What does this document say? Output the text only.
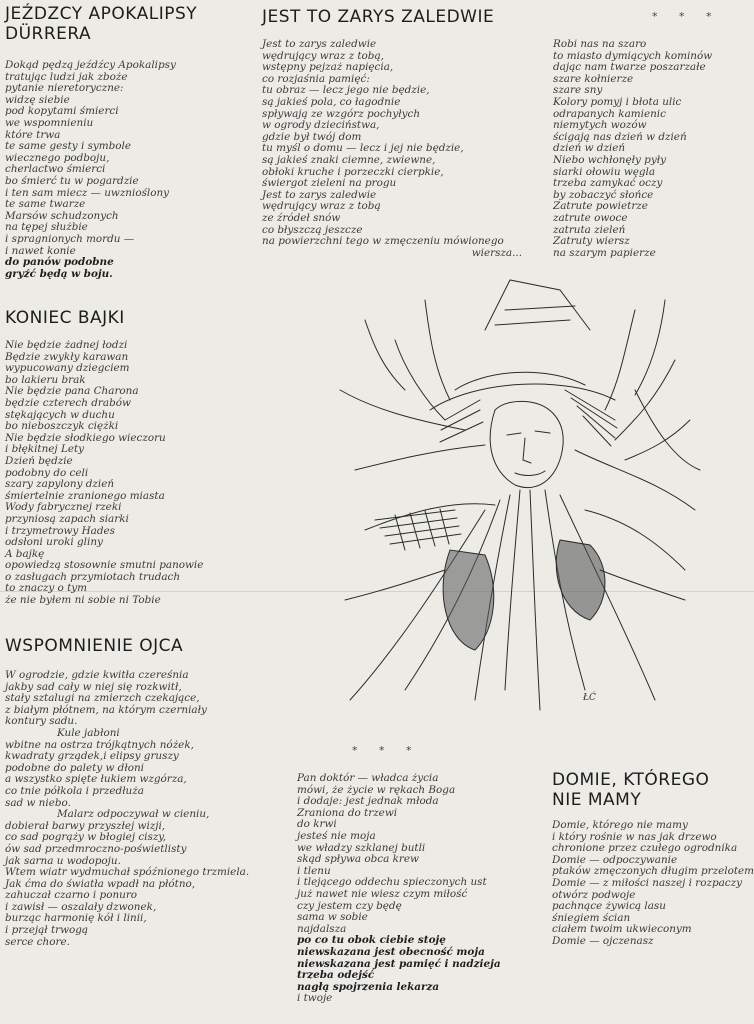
JEŹDZCY APOKALIPSY
DÜRRERA
Dokąd pędzą jeźdźcy Apokalipsy
tratując ludzi jak zboże
pytanie nieretoryczne:
widzę siebie
pod kopytami śmierci
we wspomnieniu
które trwa
te same gesty i symbole
wiecznego podboju,
cherlactwo śmierci
bo śmierć tu w pogardzie
i ten sam miecz — uwznioślony
te same twarze
Marsów schudzonych
na tępej służbie
i spragnionych mordu —
i nawet konie
do panów podobne
gryźć będą w boju.
JEST TO ZARYS ZALEDWIE
Jest to zarys zaledwie
wędrujący wraz z tobą,
wstępny pejzaż napięcia,
co rozjaśnia pamięć:
tu obraz — lecz jego nie będzie,
są jakieś pola, co łagodnie
spływają ze wzgórz pochyłych
w ogrody dzieciństwa,
gdzie był twój dom
tu myśl o domu — lecz i jej nie będzie,
są jakieś znaki ciemne, zwiewne,
obłoki kruche i porzeczki cierpkie,
świergot zieleni na progu
Jest to zarys zaledwie
wędrujący wraz z tobą
ze źródeł snów
co błyszczą jeszcze
na powierzchni tego w zmęczeniu mówionego
wiersza...
* * *
Robi nas na szaro
to miasto dymiących kominów
dając nam twarze poszarzałe
szare kołnierze
szare sny
Kolory pomyj i błota ulic
odrapanych kamienic
niemytych wozów
ścigają nas dzień w dzień
dzień w dzień
Niebo wchłonęły pyły
siarki ołowiu węgla
trzeba zamykać oczy
by zobaczyć słońce
Zatrute powietrze
zatrute owoce
zatruta zieleń
Zatruty wiersz
na szarym papierze
KONIEC BAJKI
Nie będzie żadnej łodzi
Będzie zwykły karawan
wypucowany dziegciem
bo lakieru brak
Nie będzie pana Charona
będzie czterech drabów
stękających w duchu
bo nieboszczyk ciężki
Nie będzie słodkiego wieczoru
i błękitnej Lety
Dzień będzie
podobny do celi
szary zapylony dzień
śmiertelnie zranionego miasta
Wody fabrycznej rzeki
przyniosą zapach siarki
i trzymetrowy Hades
odsłoni uroki gliny
A bajkę
opowiedzą stosownie smutni panowie
o zasługach przymiotach trudach
to znaczy o tym
że nie byłem ni sobie ni Tobie
ŁĆ
WSPOMNIENIE OJCA
W ogrodzie, gdzie kwitła czereśnia
jakby sad cały w niej się rozkwitł,
stały sztalugi na zmierzch czekające,
z białym płótnem, na którym czerniały
kontury sadu.
Kule jabłoni
wbitne na ostrza trójkątnych nóżek,
kwadraty grządek,i elipsy gruszy
podobne do palety w dłoni
a wszystko spięte łukiem wzgórza,
co tnie półkola i przedłuża
sad w niebo.
Malarz odpoczywał w cieniu,
dobierał barwy przyszłej wizji,
co sad pogrąży w błogiej ciszy,
ów sad przedmroczno-poświetlisty
jak sarna u wodopoju.
Wtem wiatr wydmuchał spóźnionego trzmiela.
Jak ćma do światła wpadł na płótno,
zahuczał czarno i ponuro
i zawisł — oszalały dzwonek,
burząc harmonię kół i linii,
i przejął trwogą
serce chore.
* * *
Pan doktór — władca życia
mówi, że życie w rękach Boga
i dodaje: jest jednak młoda
Zraniona do trzewi
do krwi
jesteś nie moja
we władzy szklanej butli
skąd spływa obca krew
i tlenu
i tlejącego oddechu spieczonych ust
już nawet nie wiesz czym miłość
czy jestem czy będę
sama w sobie
najdalsza
po co tu obok ciebie stoję
niewskazana jest obecność moja
niewskazana jest pamięć i nadzieja
trzeba odejść
nagłą spojrzenia lekarza
i twoje
DOMIE, KTÓREGO
NIE MAMY
Domie, którego nie mamy
i który rośnie w nas jak drzewo
chronione przez czułego ogrodnika
Domie — odpoczywanie
ptaków zmęczonych długim przelotem
Domie — z miłości naszej i rozpaczy
otwórz podwoje
pachnące żywicą lasu
śniegiem ścian
ciałem twoim ukwieconym
Domie — ojczenasz
